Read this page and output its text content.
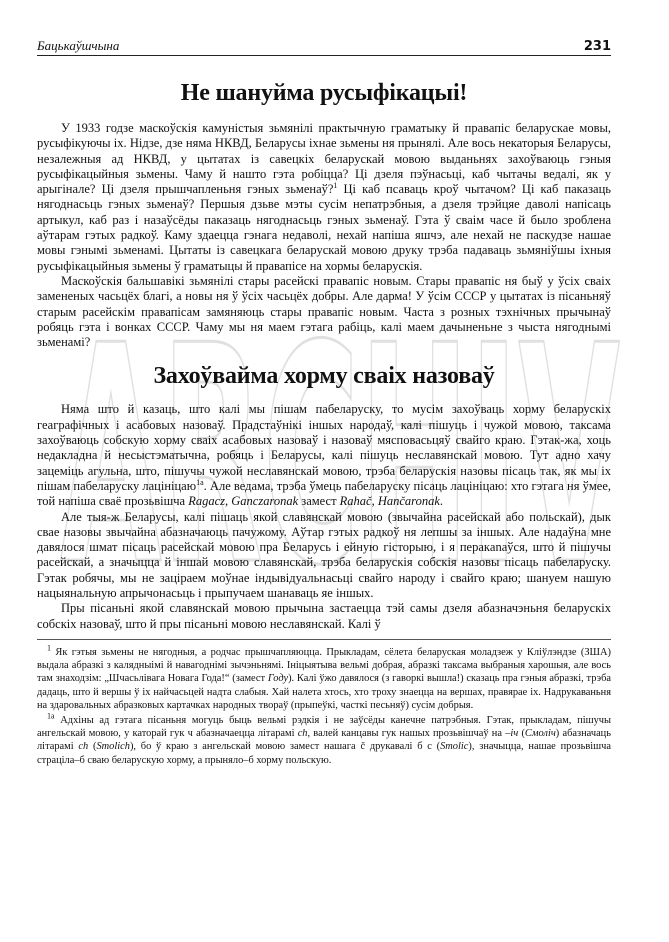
ARCHIV
Бацькаўшчына	231
Не шануйма русыфікацыі!

У 1933 годзе маскоўскія камуністыя зьмянілі практычную граматыку й правапіс беларускае мовы, русыфікуючы іх. Нідзе, дзе няма НКВД, Беларусы іхнае зьмены ня прынялі. Але вось некаторыя Беларусы, незалежныя ад НКВД, у цытатах із савецкіх беларускай мовою выданьнях захоўваюць гэныя русыфікацыйныя зьмены. Чаму й нашто гэта робіцца? Ці дзеля пэўнасьці, каб чытачы ведалі, як у арыгінале? Ці дзеля прышчапленьня гэных зьменаў?$^1$ Ці каб псаваць кроў чытачом? Ці каб паказаць нягоднасьць гэных зьменаў? Першыя дзьве мэты сусім непатрэбныя, а дзеля трэйцяе даволі напісаць артыкул, каб раз і назаўсёды паказаць нягоднасьць гэных зьменаў. Гэта ў сваім часе й было зроблена аўтарам гэтых радкоў. Каму здаецца гэнага недаволі, нехай напіша яшчэ, але нехай не паскудзе нашае мовы гэнымі зьменамі. Цытаты із савецкага беларускай мовою друку трэба падаваць зьмяніўшы іхныя русыфікацыйныя зьмены ў граматыцы й правапісе на хормы беларускія.

Маскоўскія бальшавікі зьмянілі стары расейскі правапіс новым. Стары правапіс ня быў у ўсіх сваіх замененых часьцёх благі, а новы ня ў ўсіх часьцёх добры. Але дарма! У ўсім СССР у цытатах із пісаньняў старым расейскім правапісам замяняюць стары правапіс новым. Часта з розных тэхнічных прычынаў робяць гэта і вонках СССР. Чаму мы ня маем гэтага рабіць, калі маем дачыненьне з чыста нягоднымі зьменамі?

Захоўвайма хорму сваіх назоваў

Няма што й казаць, што калі мы пішам пабеларуску, то мусім захоўваць хорму беларускіх геаграфічных і асабовых назоваў. Прадстаўнікі іншых народаў, калі пішуць і чужой мовою, таксама захоўваюць собскую хорму сваіх асабовых назоваў і назоваў мясповасьцяў свайго краю. Гэтак-жа, хоць недакладна й несыстэматычна, робяць і Беларусы, калі пішуць неславянскай мовою. Тут адно хачу зацеміць агульна, што, пішучы чужой неславянскай мовою, трэба беларускія назовы пісаць так, як мы іх пішам пабеларуску лацініцаю$^{1a}$. Але ведама, трэба ўмець пабеларуску пісаць лацініцаю: хто гэтага ня ўмее, той напіша сваё прозьвішча Ragacz, Ganczaronak замест Rahač, Hančaronak.

Але тыя-ж Беларусы, калі пішаць якой славянскай мовою (звычайна расейскай або польскай), дык свае назовы звычайна абазначаюць пачужому. Аўтар гэтых радкоў ня лепшы за іншых. Але надаўна мне давялося шмат пісаць расейскай мовою пра Беларусь і ейную гісторыю, і я перакanaўся, што й пішучы расейскай, а значыцца й іншай мовою славянскай, трэба беларускія собскія назовы пісаць пабеларуску. Гэтак робячы, мы не заціраем моўнае індывідуальнасьці свайго народу і свайго краю; шануем нашую нацыянальную апрычонасьць і прыпучаем шанаваць яе іншых.

Пры пісаньні якой славянскай мовою прычына застаецца тэй самы дзеля абазначэньня беларускіх собскіх назоваў, што й пры пісаньні мовою неславянскай. Калі ў

$^1$ Як гэтыя зьмены не нягодныя, а родчас прышчапляюцца. Прыкладам, сёлета беларуская моладзеж у Кліўлэндзе (ЗША) выдала абразкі з калядныімі й навагоднімі зычэньнямі. Ініцыятыва вельмі добрая, абразкі таксама выбраныя харошыя, але вось там знаходзім: „Шчасьлівага Новага Года!“ (замест Году). Калі ўжо давялося (з гаворкі вышла!) сказаць пра гэныя абразкі, трэба дадаць, што й вершы ў іх найчасьцей надта слабыя. Хай налета хтось, хто троху знаецца на вершах, правярае іх. Надрукаваньня на здаровальных абразковых картачках народных твораў (прыпеўкі, часткі песьняў) сусім добрыя.

$^{1а}$ Адхіны ад гэтага пісаньня могуць быць вельмі рэдкія і не заўсёды канечне патрэбныя. Гэтак, прыкладам, пішучы ангельскай мовою, у каторай гук ч абазначаецца літарамі ch, валей канцавы гук нашых прозьвішчаў на –іч (Смоліч) абазначаць літарамі ch (Smolich), бо ў краю з ангельскай мовою замест нашага č друкавалі б с (Smolic), значыцца, нашае прозьвішча страціла–б сваю беларускую хорму, а прыняло–б хорму польскую.
